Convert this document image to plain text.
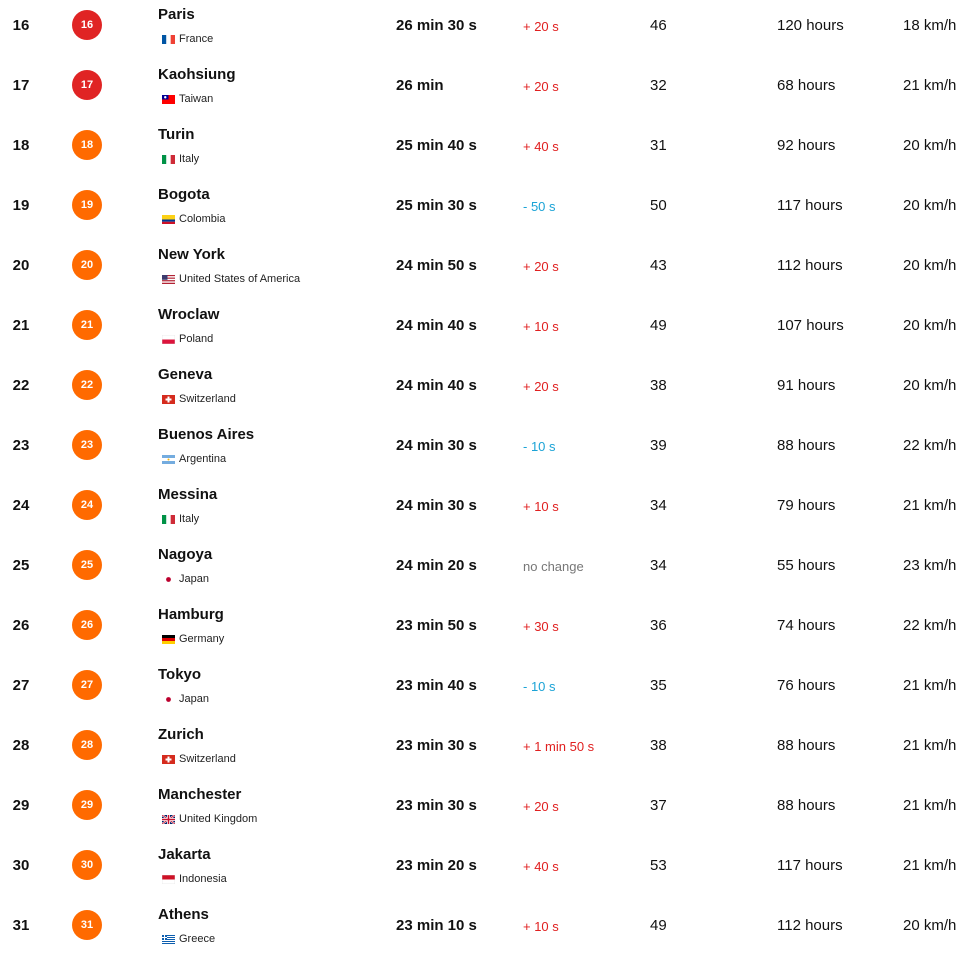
16	16
Paris
France
26 min 30 s	+ 20 s	46	120 hours	18 km/h
17	17
Kaohsiung
Taiwan
26 min	+ 20 s	32	68 hours	21 km/h
18	18
Turin
Italy
25 min 40 s	+ 40 s	31	92 hours	20 km/h
19	19
Bogota
Colombia
25 min 30 s	- 50 s	50	117 hours	20 km/h
20	20
New York
United States of America
24 min 50 s	+ 20 s	43	112 hours	20 km/h
21	21
Wroclaw
Poland
24 min 40 s	+ 10 s	49	107 hours	20 km/h
22	22
Geneva
Switzerland
24 min 40 s	+ 20 s	38	91 hours	20 km/h
23	23
Buenos Aires
Argentina
24 min 30 s	- 10 s	39	88 hours	22 km/h
24	24
Messina
Italy
24 min 30 s	+ 10 s	34	79 hours	21 km/h
25	25
Nagoya
Japan
24 min 20 s	no change	34	55 hours	23 km/h
26	26
Hamburg
Germany
23 min 50 s	+ 30 s	36	74 hours	22 km/h
27	27
Tokyo
Japan
23 min 40 s	- 10 s	35	76 hours	21 km/h
28	28
Zurich
Switzerland
23 min 30 s	+ 1 min 50 s	38	88 hours	21 km/h
29	29
Manchester
United Kingdom
23 min 30 s	+ 20 s	37	88 hours	21 km/h
30	30
Jakarta
Indonesia
23 min 20 s	+ 40 s	53	117 hours	21 km/h
31	31
Athens
Greece
23 min 10 s	+ 10 s	49	112 hours	20 km/h
